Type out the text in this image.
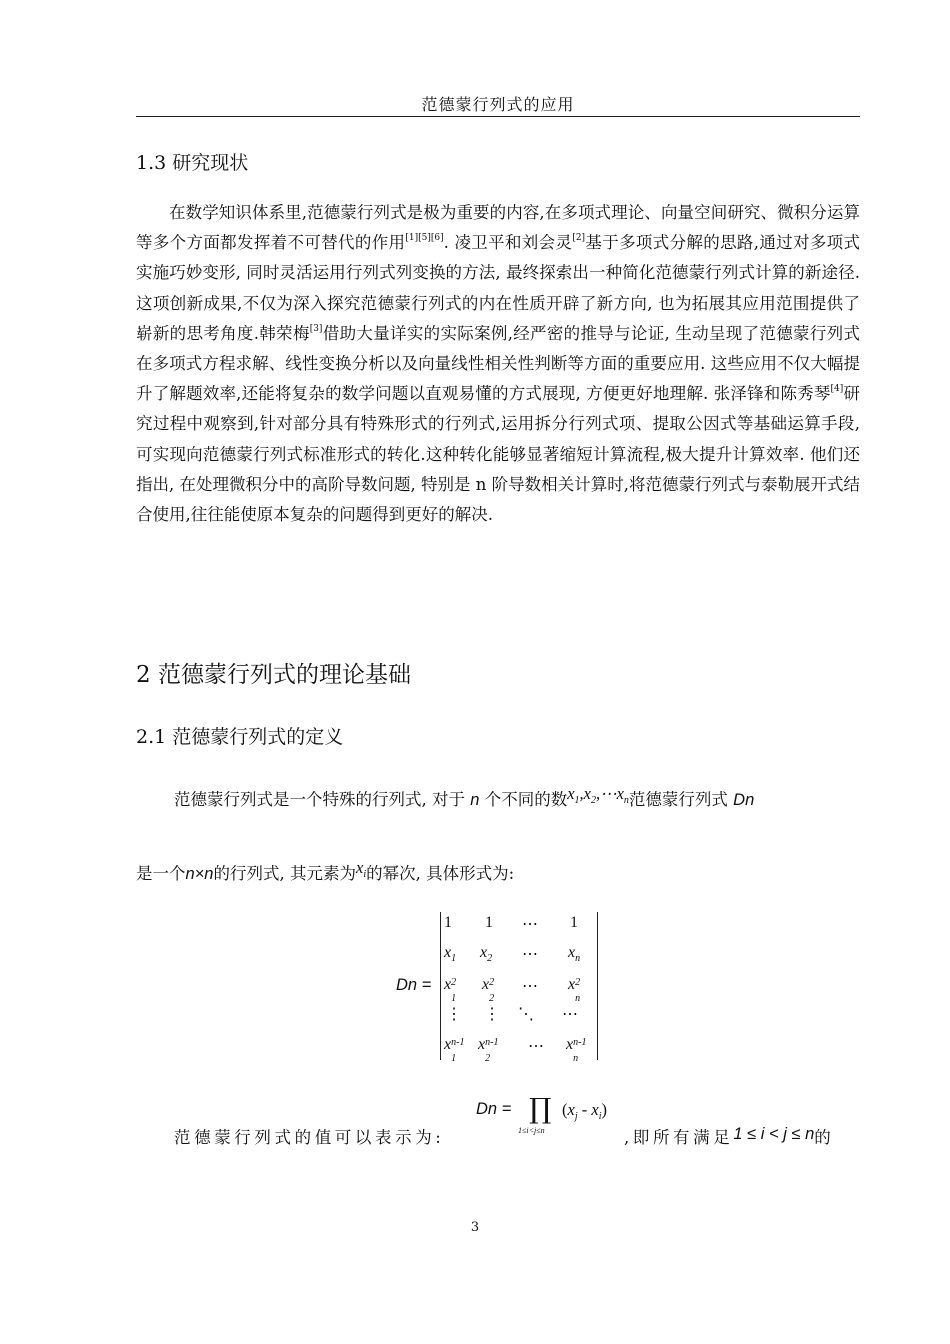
范德蒙行列式的应用
1.3 研究现状

在数学知识体系里,范德蒙行列式是极为重要的内容,在多项式理论、向量空间研究、微积分运算等多个方面都发挥着不可替代的作用[1][5][6]. 凌卫平和刘会灵[2]基于多项式分解的思路,通过对多项式实施巧妙变形, 同时灵活运用行列式列变换的方法, 最终探索出一种简化范德蒙行列式计算的新途径. 这项创新成果,不仅为深入探究范德蒙行列式的内在性质开辟了新方向, 也为拓展其应用范围提供了崭新的思考角度.韩荣梅[3]借助大量详实的实际案例,经严密的推导与论证, 生动呈现了范德蒙行列式在多项式方程求解、线性变换分析以及向量线性相关性判断等方面的重要应用. 这些应用不仅大幅提升了解题效率,还能将复杂的数学问题以直观易懂的方式展现, 方便更好地理解. 张泽锋和陈秀琴[4]研究过程中观察到,针对部分具有特殊形式的行列式,运用拆分行列式项、提取公因式等基础运算手段,可实现向范德蒙行列式标准形式的转化.这种转化能够显著缩短计算流程,极大提升计算效率. 他们还指出, 在处理微积分中的高阶导数问题, 特别是 n 阶导数相关计算时,将范德蒙行列式与泰勒展开式结合使用,往往能使原本复杂的问题得到更好的解决.

2 范德蒙行列式的理论基础
2.1 范德蒙行列式的定义
范德蒙行列式是一个特殊的行列式, 对于 n 个不同的数$x_1,x_2,\cdots x_n$范德蒙行列式 Dn
是一个n×n的行列式, 其元素为$x_i$的幂次, 具体形式为:
Dn =
1 1 ⋯ 1
$x_1$ $x_2$ ⋯ $x_n$
x 2
1
x 2
2
⋯ x 2
n
⋮ ⋮ ⋱ ⋯
x n-1
1
x n-1
2
⋯ x n-1
n
Dn = ∏
1≤i<j≤n
$(x_j - x_i)$
范德蒙行列式的值可以表示为:	,即所有满足1 ≤ i < j ≤ n的
3
